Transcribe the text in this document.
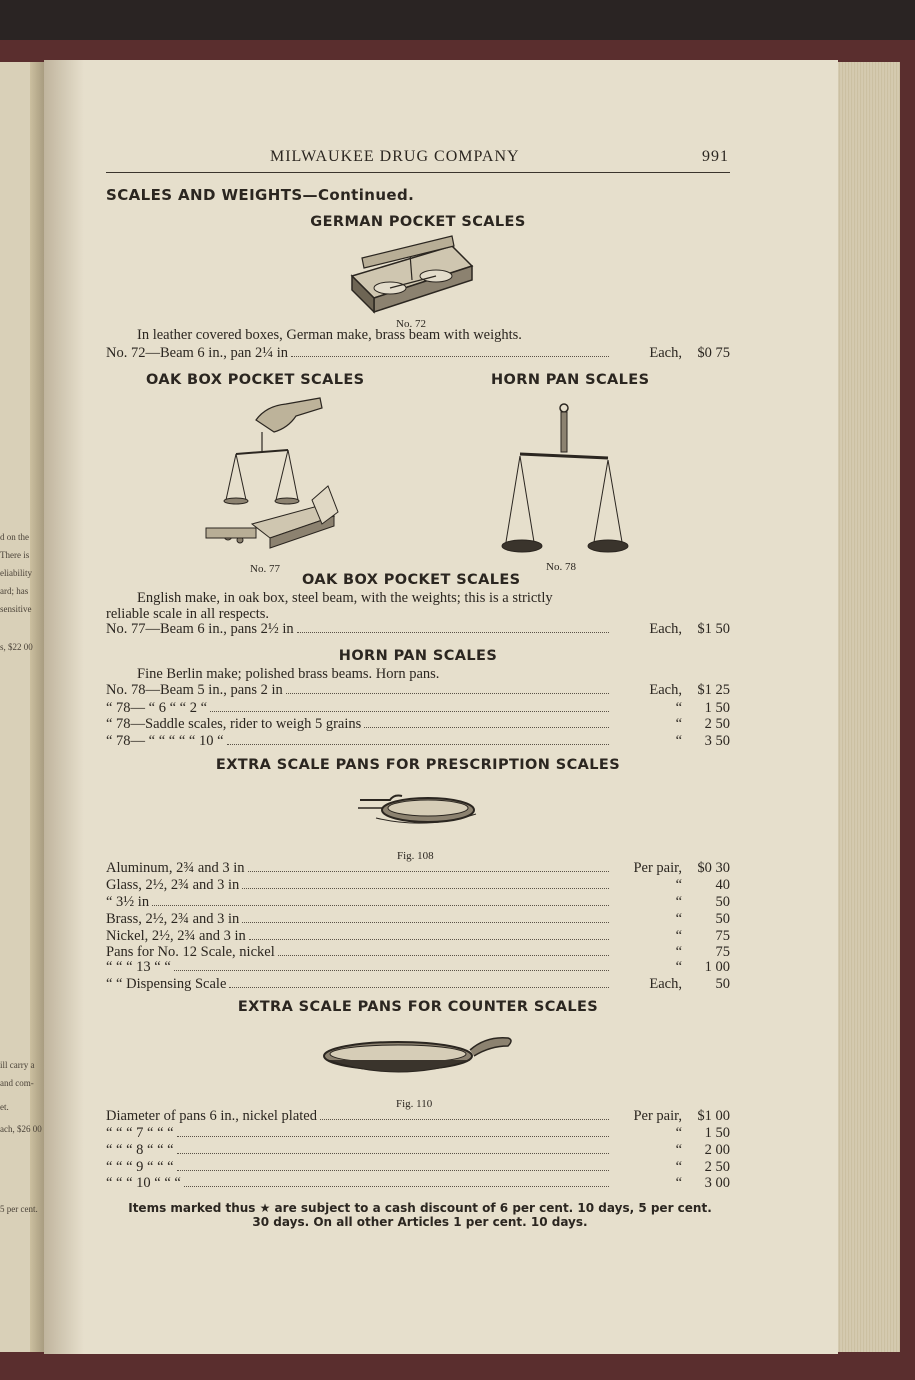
d on the
There is
eliability
ard; has
sensitive
s, $22 00
ill carry a
and com-
et.
ach, $26 00
5 per cent.
MILWAUKEE DRUG COMPANY	991
SCALES AND WEIGHTS—Continued.
GERMAN POCKET SCALES
No. 72
In leather covered boxes, German make, brass beam with weights.
No. 72—Beam 6 in., pan 2¼ in	Each,	$0 75
OAK BOX POCKET SCALES	HORN PAN SCALES
No. 77	No. 78
OAK BOX POCKET SCALES
English make, in oak box, steel beam, with the weights; this is a strictly
reliable scale in all respects.
No. 77—Beam 6 in., pans 2½ in	Each,	$1 50
HORN PAN SCALES
Fine Berlin make; polished brass beams. Horn pans.
No. 78—Beam 5 in., pans 2 in	Each,	$1 25
“ 78— “ 6 “ “ 2 “	“	1 50
“ 78—Saddle scales, rider to weigh 5 grains	“	2 50
“ 78— “ “ “ “ “ 10 “	“	3 50
EXTRA SCALE PANS FOR PRESCRIPTION SCALES
Fig. 108
Aluminum, 2¾ and 3 in	Per pair,	$0 30
Glass, 2½, 2¾ and 3 in	“	40
“ 3½ in	“	50
Brass, 2½, 2¾ and 3 in	“	50
Nickel, 2½, 2¾ and 3 in	“	75
Pans for No. 12 Scale, nickel	“	75
“ “ “ 13 “ “	“	1 00
“ “ Dispensing Scale	Each,	50
EXTRA SCALE PANS FOR COUNTER SCALES
Fig. 110
Diameter of pans 6 in., nickel plated	Per pair,	$1 00
“ “ “ 7 “ “ “	“	1 50
“ “ “ 8 “ “ “	“	2 00
“ “ “ 9 “ “ “	“	2 50
“ “ “ 10 “ “ “	“	3 00
Items marked thus ★ are subject to a cash discount of 6 per cent. 10 days, 5 per cent.
30 days. On all other Articles 1 per cent. 10 days.
